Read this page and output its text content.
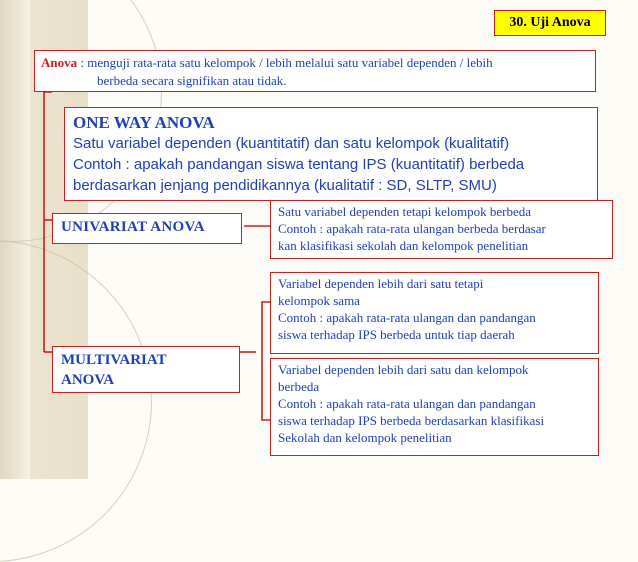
30. Uji Anova
Anova : menguji rata-rata satu kelompok / lebih melalui satu variabel dependen / lebih
berbeda secara signifikan atau tidak.
ONE WAY ANOVA
Satu variabel dependen (kuantitatif) dan satu kelompok (kualitatif)
Contoh : apakah pandangan siswa tentang IPS (kuantitatif) berbeda
berdasarkan jenjang pendidikannya (kualitatif : SD, SLTP, SMU)
UNIVARIAT ANOVA
MULTIVARIAT
ANOVA
Satu variabel dependen tetapi kelompok berbeda
Contoh : apakah rata-rata ulangan berbeda berdasar
kan klasifikasi sekolah dan kelompok penelitian
Variabel dependen lebih dari satu tetapi
kelompok sama
Contoh : apakah rata-rata ulangan dan pandangan
siswa terhadap IPS berbeda untuk tiap daerah
Variabel dependen lebih dari satu dan kelompok
berbeda
Contoh : apakah rata-rata ulangan dan pandangan
siswa terhadap IPS berbeda berdasarkan klasifikasi
Sekolah dan kelompok penelitian
